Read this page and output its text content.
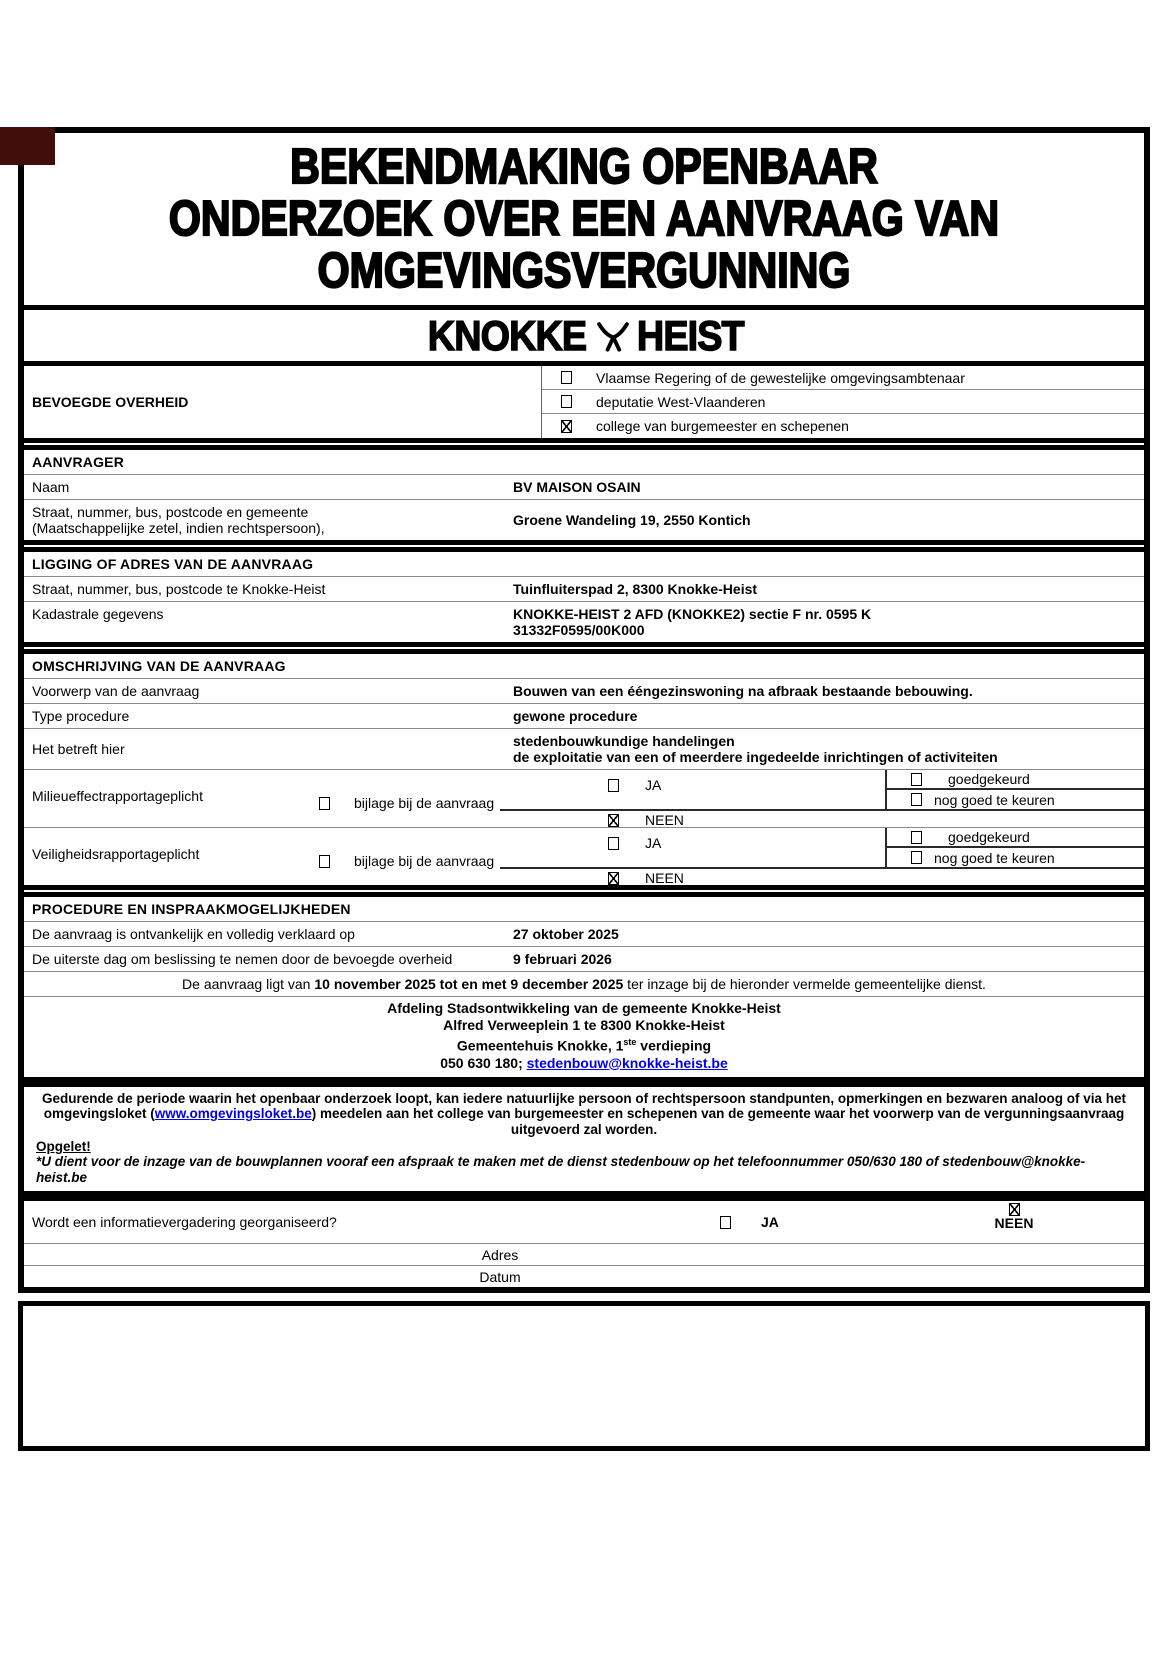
BEKENDMAKING OPENBAAR
ONDERZOEK OVER EEN AANVRAAG VAN
OMGEVINGSVERGUNNING
KNOKKE HEIST
BEVOEGDE OVERHEID
Vlaamse Regering of de gewestelijke omgevingsambtenaar
deputatie West-Vlaanderen
college van burgemeester en schepenen
AANVRAGER
Naam	BV MAISON OSAIN
Straat, nummer, bus, postcode en gemeente
(Maatschappelijke zetel, indien rechtspersoon),	Groene Wandeling 19, 2550 Kontich
LIGGING OF ADRES VAN DE AANVRAAG
Straat, nummer, bus, postcode te Knokke-Heist	Tuinfluiterspad 2, 8300 Knokke-Heist
Kadastrale gegevens	KNOKKE-HEIST 2 AFD (KNOKKE2) sectie F nr. 0595 K
31332F0595/00K000
OMSCHRIJVING VAN DE AANVRAAG
Voorwerp van de aanvraag	Bouwen van een ééngezinswoning na afbraak bestaande bebouwing.
Type procedure	gewone procedure
Het betreft hier	stedenbouwkundige handelingen
de exploitatie van een of meerdere ingedeelde inrichtingen of activiteiten
Milieueffectrapportageplicht	bijlage bij de aanvraag
JA
NEEN
goedgekeurd
nog goed te keuren
Veiligheidsrapportageplicht	bijlage bij de aanvraag
JA
NEEN
goedgekeurd
nog goed te keuren
PROCEDURE EN INSPRAAKMOGELIJKHEDEN
De aanvraag is ontvankelijk en volledig verklaard op	27 oktober 2025
De uiterste dag om beslissing te nemen door de bevoegde overheid	9 februari 2026
De aanvraag ligt van 10 november 2025 tot en met 9 december 2025 ter inzage bij de hieronder vermelde gemeentelijke dienst.
Afdeling Stadsontwikkeling van de gemeente Knokke-Heist
Alfred Verweeplein 1 te 8300 Knokke-Heist
Gemeentehuis Knokke, 1ste verdieping
050 630 180; stedenbouw@knokke-heist.be
Gedurende de periode waarin het openbaar onderzoek loopt, kan iedere natuurlijke persoon of rechtspersoon standpunten, opmerkingen en bezwaren analoog of via het omgevingsloket (www.omgevingsloket.be) meedelen aan het college van burgemeester en schepenen van de gemeente waar het voorwerp van de vergunningsaanvraag uitgevoerd zal worden.
Opgelet!
*U dient voor de inzage van de bouwplannen vooraf een afspraak te maken met de dienst stedenbouw op het telefoonnummer 050/630 180 of stedenbouw@knokke-heist.be
Wordt een informatievergadering georganiseerd?	JA	NEEN
Adres
Datum
